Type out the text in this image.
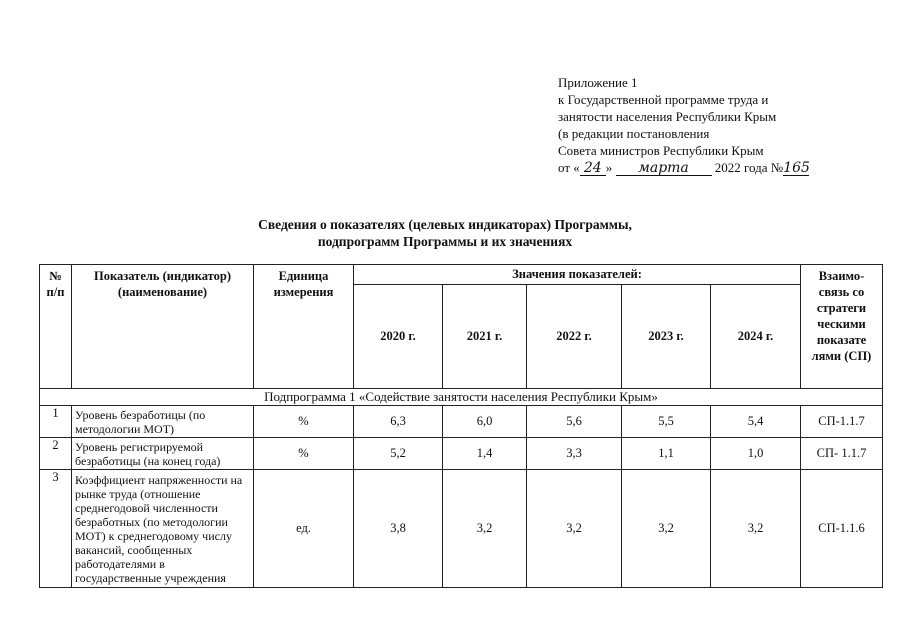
Приложение 1
к Государственной программе труда и
занятости населения Республики Крым
(в редакции постановления
Совета министров Республики Крым
от « 24 » марта 2022 года №165
Сведения о показателях (целевых индикаторах) Программы,
подпрограмм Программы и их значениях
№ п/п	Показатель (индикатор) (наименование)	Единица измерения	Значения показателей:					Взаимо-связь со стратеги ческими показате лями (СП)
			2020 г.	2021 г.	2022 г.	2023 г.	2024 г.	
Подпрограмма 1 «Содействие занятости населения Республики Крым»								
1	Уровень безработицы (по методологии МОТ)	%	6,3	6,0	5,6	5,5	5,4	СП-1.1.7
2	Уровень регистрируемой безработицы (на конец года)	%	5,2	1,4	3,3	1,1	1,0	СП- 1.1.7
3	Коэффициент напряженности на рынке труда (отношение среднегодовой численности безработных (по методологии МОТ) к среднегодовому числу вакансий, сообщенных работодателями в государственные учреждения	ед.	3,8	3,2	3,2	3,2	3,2	СП-1.1.6
